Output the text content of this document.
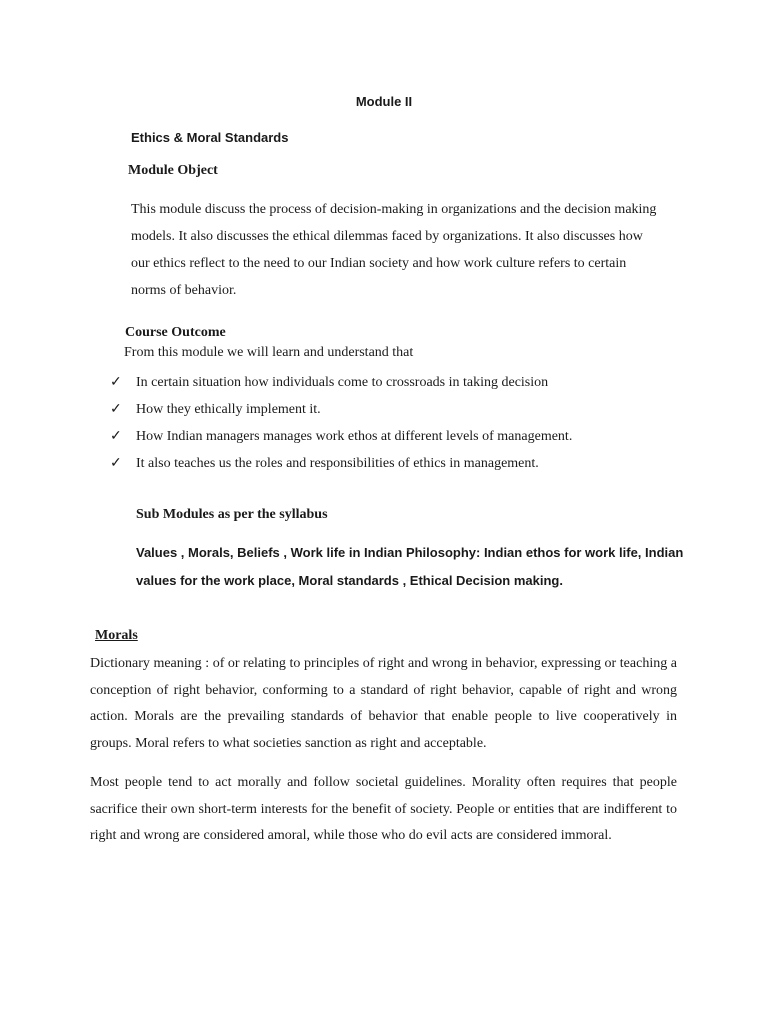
Module II
Ethics & Moral Standards
Module Object

This module discuss the process of decision-making in organizations and the decision making models. It also discusses the ethical dilemmas faced by organizations. It also discusses how our ethics reflect to the need to our Indian society and how work culture refers to certain norms of behavior.

Course Outcome
From this module we will learn and understand that
✓	In certain situation how individuals come to crossroads in taking decision
✓	How they ethically implement it.
✓	How Indian managers manages work ethos at different levels of management.
✓	It also teaches us the roles and responsibilities of ethics in management.
Sub Modules as per the syllabus

Values , Morals, Beliefs , Work life in Indian Philosophy: Indian ethos for work life, Indian values for the work place, Moral standards , Ethical Decision making.

Morals

Dictionary meaning : of or relating to principles of right and wrong in behavior, expressing or teaching a conception of right behavior, conforming to a standard of right behavior, capable of right and wrong action. Morals are the prevailing standards of behavior that enable people to live cooperatively in groups. Moral refers to what societies sanction as right and acceptable.

Most people tend to act morally and follow societal guidelines. Morality often requires that people sacrifice their own short-term interests for the benefit of society. People or entities that are indifferent to right and wrong are considered amoral, while those who do evil acts are considered immoral.
